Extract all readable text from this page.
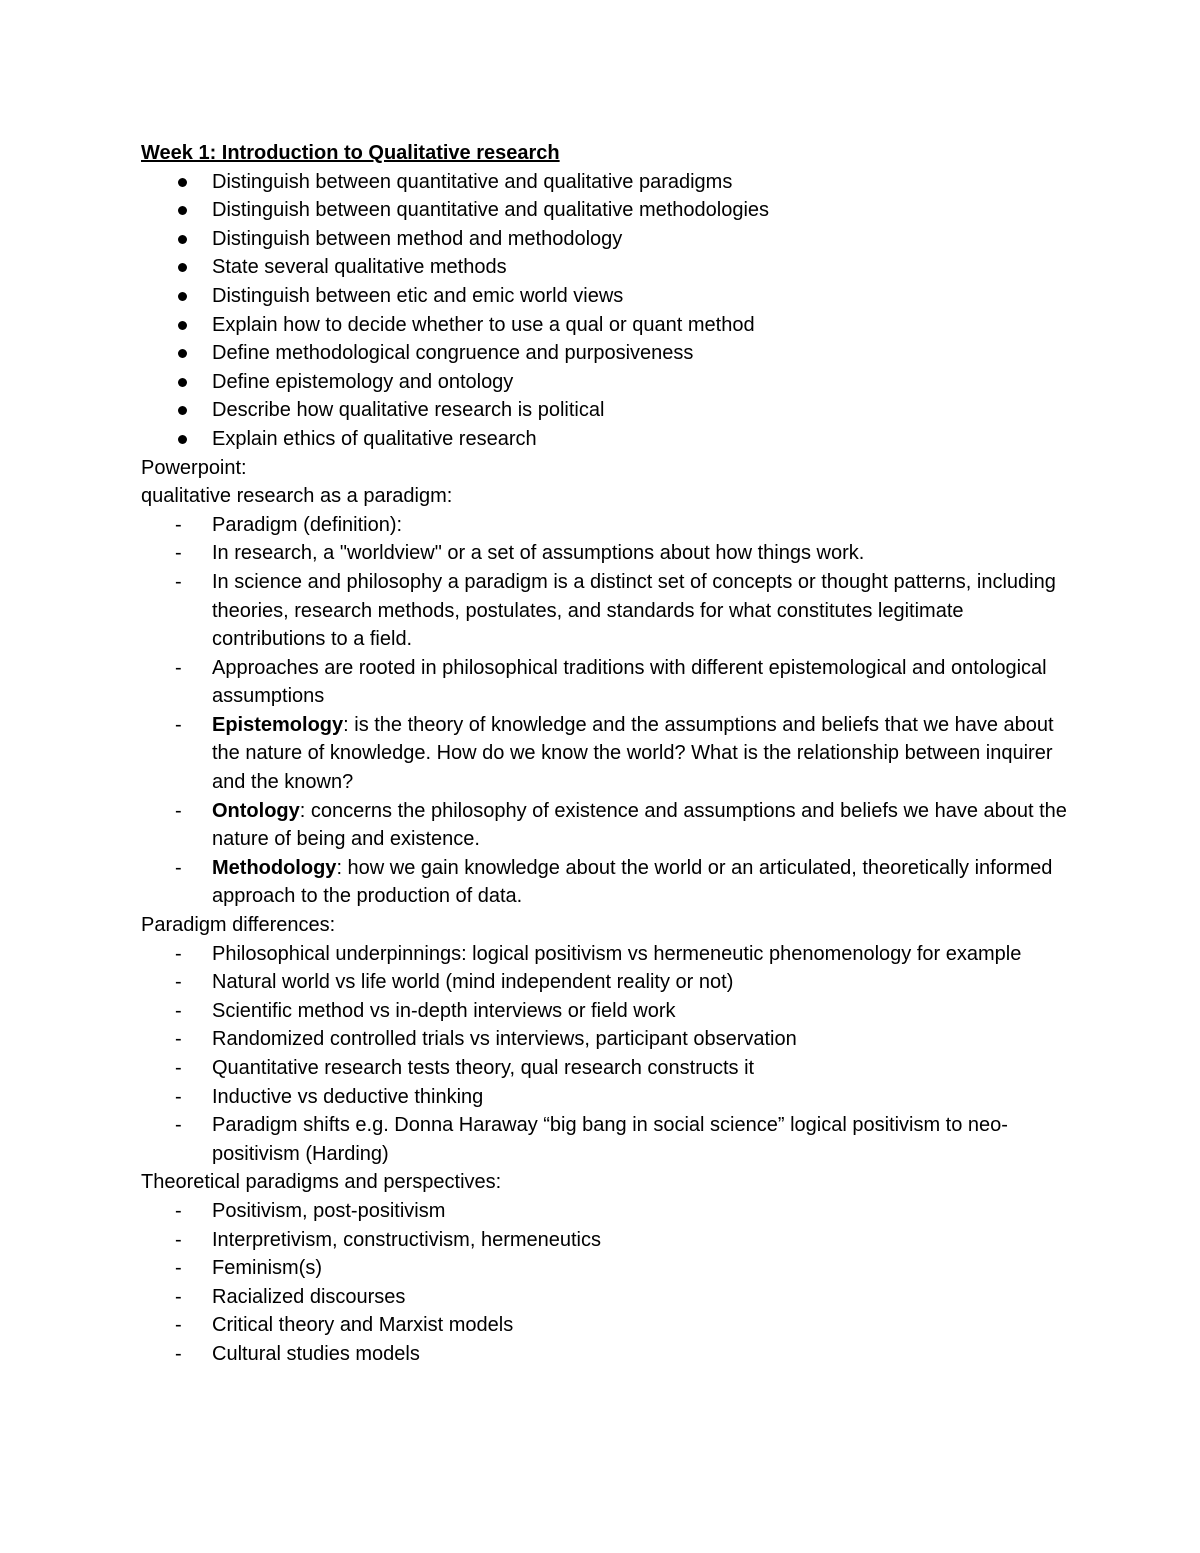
Week 1: Introduction to Qualitative research
Distinguish between quantitative and qualitative paradigms
Distinguish between quantitative and qualitative methodologies
Distinguish between method and methodology
State several qualitative methods
Distinguish between etic and emic world views
Explain how to decide whether to use a qual or quant method
Define methodological congruence and purposiveness
Define epistemology and ontology
Describe how qualitative research is political
Explain ethics of qualitative research
Powerpoint:
qualitative research as a paradigm:
- Paradigm (definition):
- In research, a "worldview" or a set of assumptions about how things work.
- In science and philosophy a paradigm is a distinct set of concepts or thought patterns, including theories, research methods, postulates, and standards for what constitutes legitimate contributions to a field.
- Approaches are rooted in philosophical traditions with different epistemological and ontological assumptions
- Epistemology: is the theory of knowledge and the assumptions and beliefs that we have about the nature of knowledge. How do we know the world? What is the relationship between inquirer and the known?
- Ontology: concerns the philosophy of existence and assumptions and beliefs we have about the nature of being and existence.
- Methodology: how we gain knowledge about the world or an articulated, theoretically informed approach to the production of data.
Paradigm differences:
- Philosophical underpinnings: logical positivism vs hermeneutic phenomenology for example
- Natural world vs life world (mind independent reality or not)
- Scientific method vs in-depth interviews or field work
- Randomized controlled trials vs interviews, participant observation
- Quantitative research tests theory, qual research constructs it
- Inductive vs deductive thinking
- Paradigm shifts e.g. Donna Haraway “big bang in social science” logical positivism to neo-positivism (Harding)
Theoretical paradigms and perspectives:
- Positivism, post-positivism
- Interpretivism, constructivism, hermeneutics
- Feminism(s)
- Racialized discourses
- Critical theory and Marxist models
- Cultural studies models
